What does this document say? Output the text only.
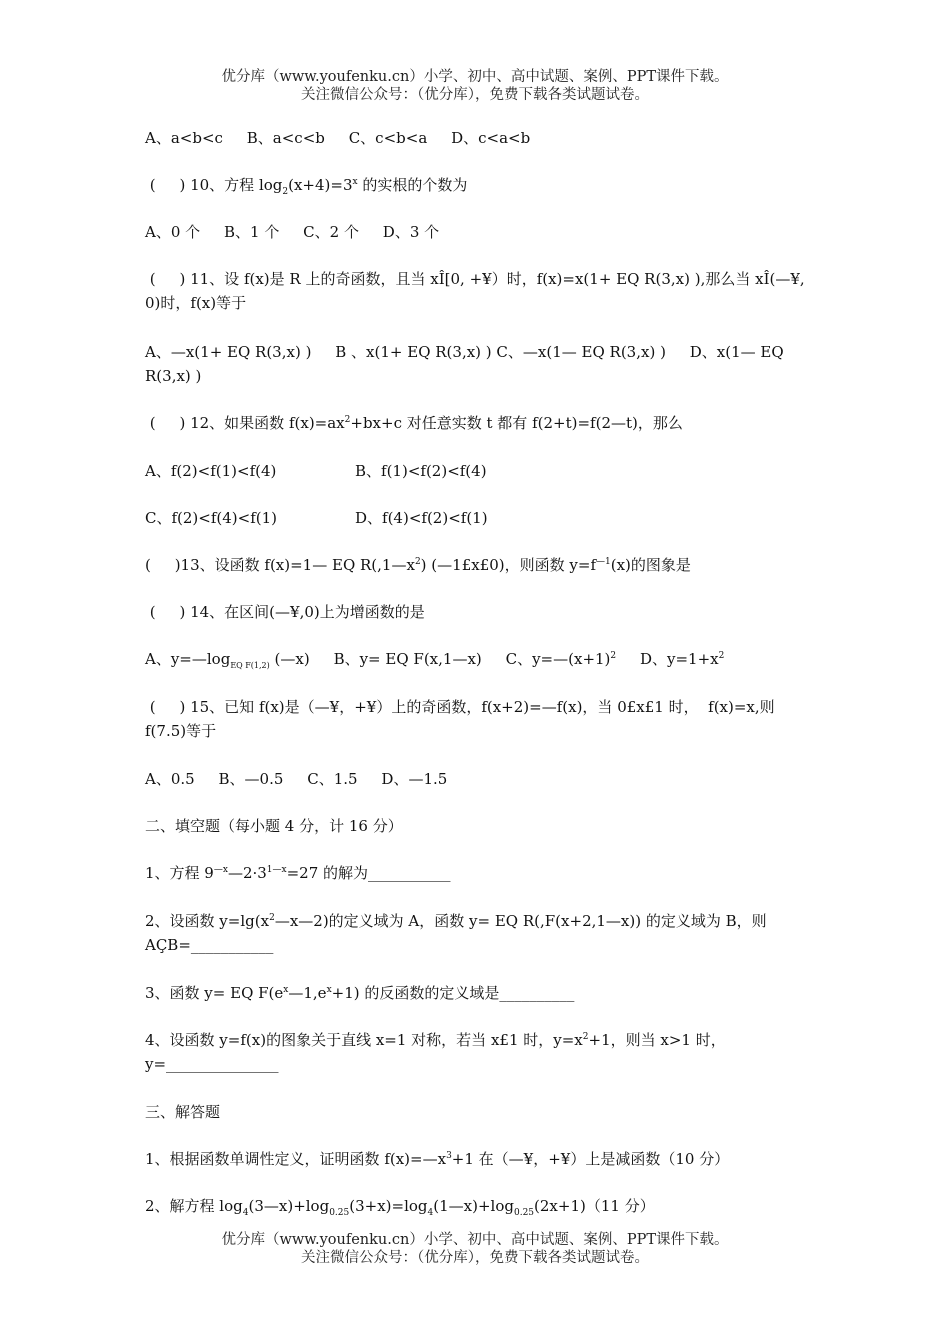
优分库（www.youfenku.cn）小学、初中、高中试题、案例、PPT课件下载。
关注微信公众号：（优分库），免费下载各类试题试卷。
A、a<b<c     B、a<c<b     C、c<b<a     D、c<a<b
(     ) 10、方程 $\log_2(x+4)=3^x$ 的实根的个数为
A、0 个     B、1 个     C、2 个     D、3 个
(     ) 11、设 f(x)是 R 上的奇函数，且当 xÎ[0, +¥）时，f(x)=x(1+ EQ R(3,x) ),那么当 xÎ(—¥, 0)时，f(x)等于
A、—x(1+ EQ R(3,x) )     B 、x(1+ EQ R(3,x) ) C、—x(1— EQ R(3,x) )     D、x(1— EQ R(3,x) )
(     ) 12、如果函数 $f(x)=ax^2+bx+c$ 对任意实数 t 都有 f(2+t)=f(2—t)，那么
A、f(2)<f(1)<f(4)	B、f(1)<f(2)<f(4)
C、f(2)<f(4)<f(1)	D、f(4)<f(2)<f(1)
(     )13、设函数 f(x)=1— EQ $R(,1—x^2)$ (—1£x£0)，则函数 $y=f^{—1}(x)$的图象是
(     ) 14、在区间(—¥,0)上为增函数的是
A、$y=—\log_{EQ F(1,2)}$ (—x) B、y= EQ F(x,1—x) C、$y=—(x+1)^2$ D、$y=1+x^2$
(     ) 15、已知 f(x)是（—¥，+¥）上的奇函数，f(x+2)=—f(x)，当 0£x£1 时，  f(x)=x,则 f(7.5)等于
A、0.5     B、—0.5     C、1.5     D、—1.5
二、填空题（每小题 4 分，计 16 分）
1、方程 $9^{—x}—2\cdot 3^{1—x}=27$ 的解为___________
2、设函数 $y=\lg(x^2—x—2)$的定义域为 A，函数 y= EQ R(,F(x+2,1—x)) 的定义域为 B，则 AÇB=___________
3、函数 y= EQ $F(e^x—1,e^x+1)$ 的反函数的定义域是__________
4、设函数 y=f(x)的图象关于直线 x=1 对称，若当 x£1 时，$y=x^2+1$，则当 x>1 时，y=_______________
三、解答题
1、根据函数单调性定义，证明函数 $f(x)=—x^3+1$ 在（—¥，+¥）上是减函数（10 分）
2、解方程 $\log_4(3—x)+\log_{0.25}(3+x)=\log_4(1—x)+\log_{0.25}(2x+1)(11$ 分）
优分库（www.youfenku.cn）小学、初中、高中试题、案例、PPT课件下载。
关注微信公众号：（优分库），免费下载各类试题试卷。
